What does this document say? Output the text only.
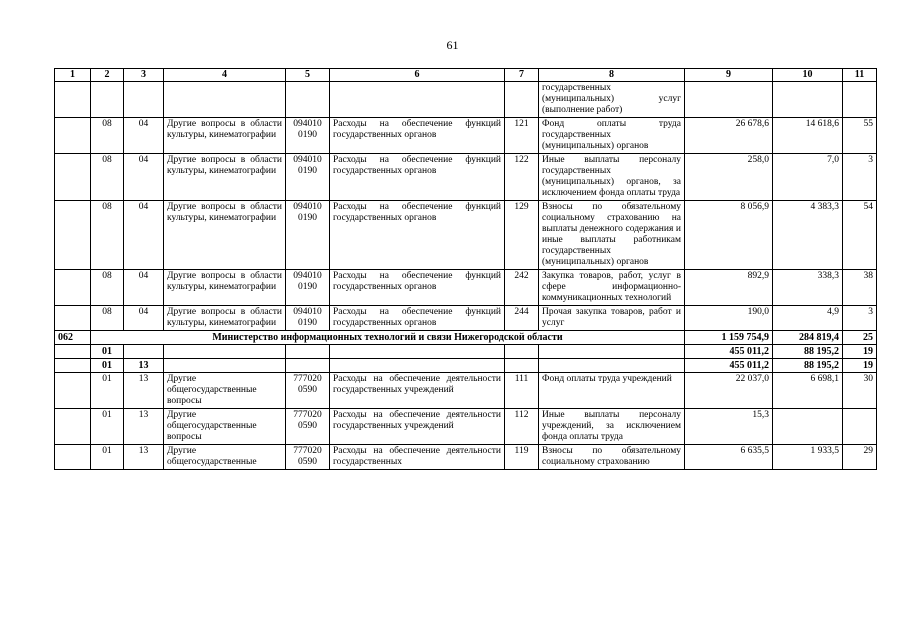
61
1	2	3	4	5	6	7	8	9	10	11
							государственных (муниципальных) услуг (выполнение работ)			
	08	04	Другие вопросы в области культуры, кинематографии	094010 0190	Расходы на обеспечение функций государственных органов	121	Фонд оплаты труда государственных (муниципальных) органов	26 678,6	14 618,6	55
	08	04	Другие вопросы в области культуры, кинематографии	094010 0190	Расходы на обеспечение функций государственных органов	122	Иные выплаты персоналу государственных (муниципальных) органов, за исключением фонда оплаты труда	258,0	7,0	3
	08	04	Другие вопросы в области культуры, кинематографии	094010 0190	Расходы на обеспечение функций государственных органов	129	Взносы по обязательному социальному страхованию на выплаты денежного содержания и иные выплаты работникам государственных (муниципальных) органов	8 056,9	4 383,3	54
	08	04	Другие вопросы в области культуры, кинематографии	094010 0190	Расходы на обеспечение функций государственных органов	242	Закупка товаров, работ, услуг в сфере информационно-коммуникационных технологий	892,9	338,3	38
	08	04	Другие вопросы в области культуры, кинематографии	094010 0190	Расходы на обеспечение функций государственных органов	244	Прочая закупка товаров, работ и услуг	190,0	4,9	3
062	Министерство информационных технологий и связи Нижегородской области							1 159 754,9	284 819,4	25
	01							455 011,2	88 195,2	19
	01	13						455 011,2	88 195,2	19
	01	13	Другие общегосударственные вопросы	777020 0590	Расходы на обеспечение деятельности государственных учреждений	111	Фонд оплаты труда учреждений	22 037,0	6 698,1	30
	01	13	Другие общегосударственные вопросы	777020 0590	Расходы на обеспечение деятельности государственных учреждений	112	Иные выплаты персоналу учреждений, за исключением фонда оплаты труда	15,3		
	01	13	Другие общегосударственные	777020 0590	Расходы на обеспечение деятельности государственных	119	Взносы по обязательному социальному страхованию	6 635,5	1 933,5	29
